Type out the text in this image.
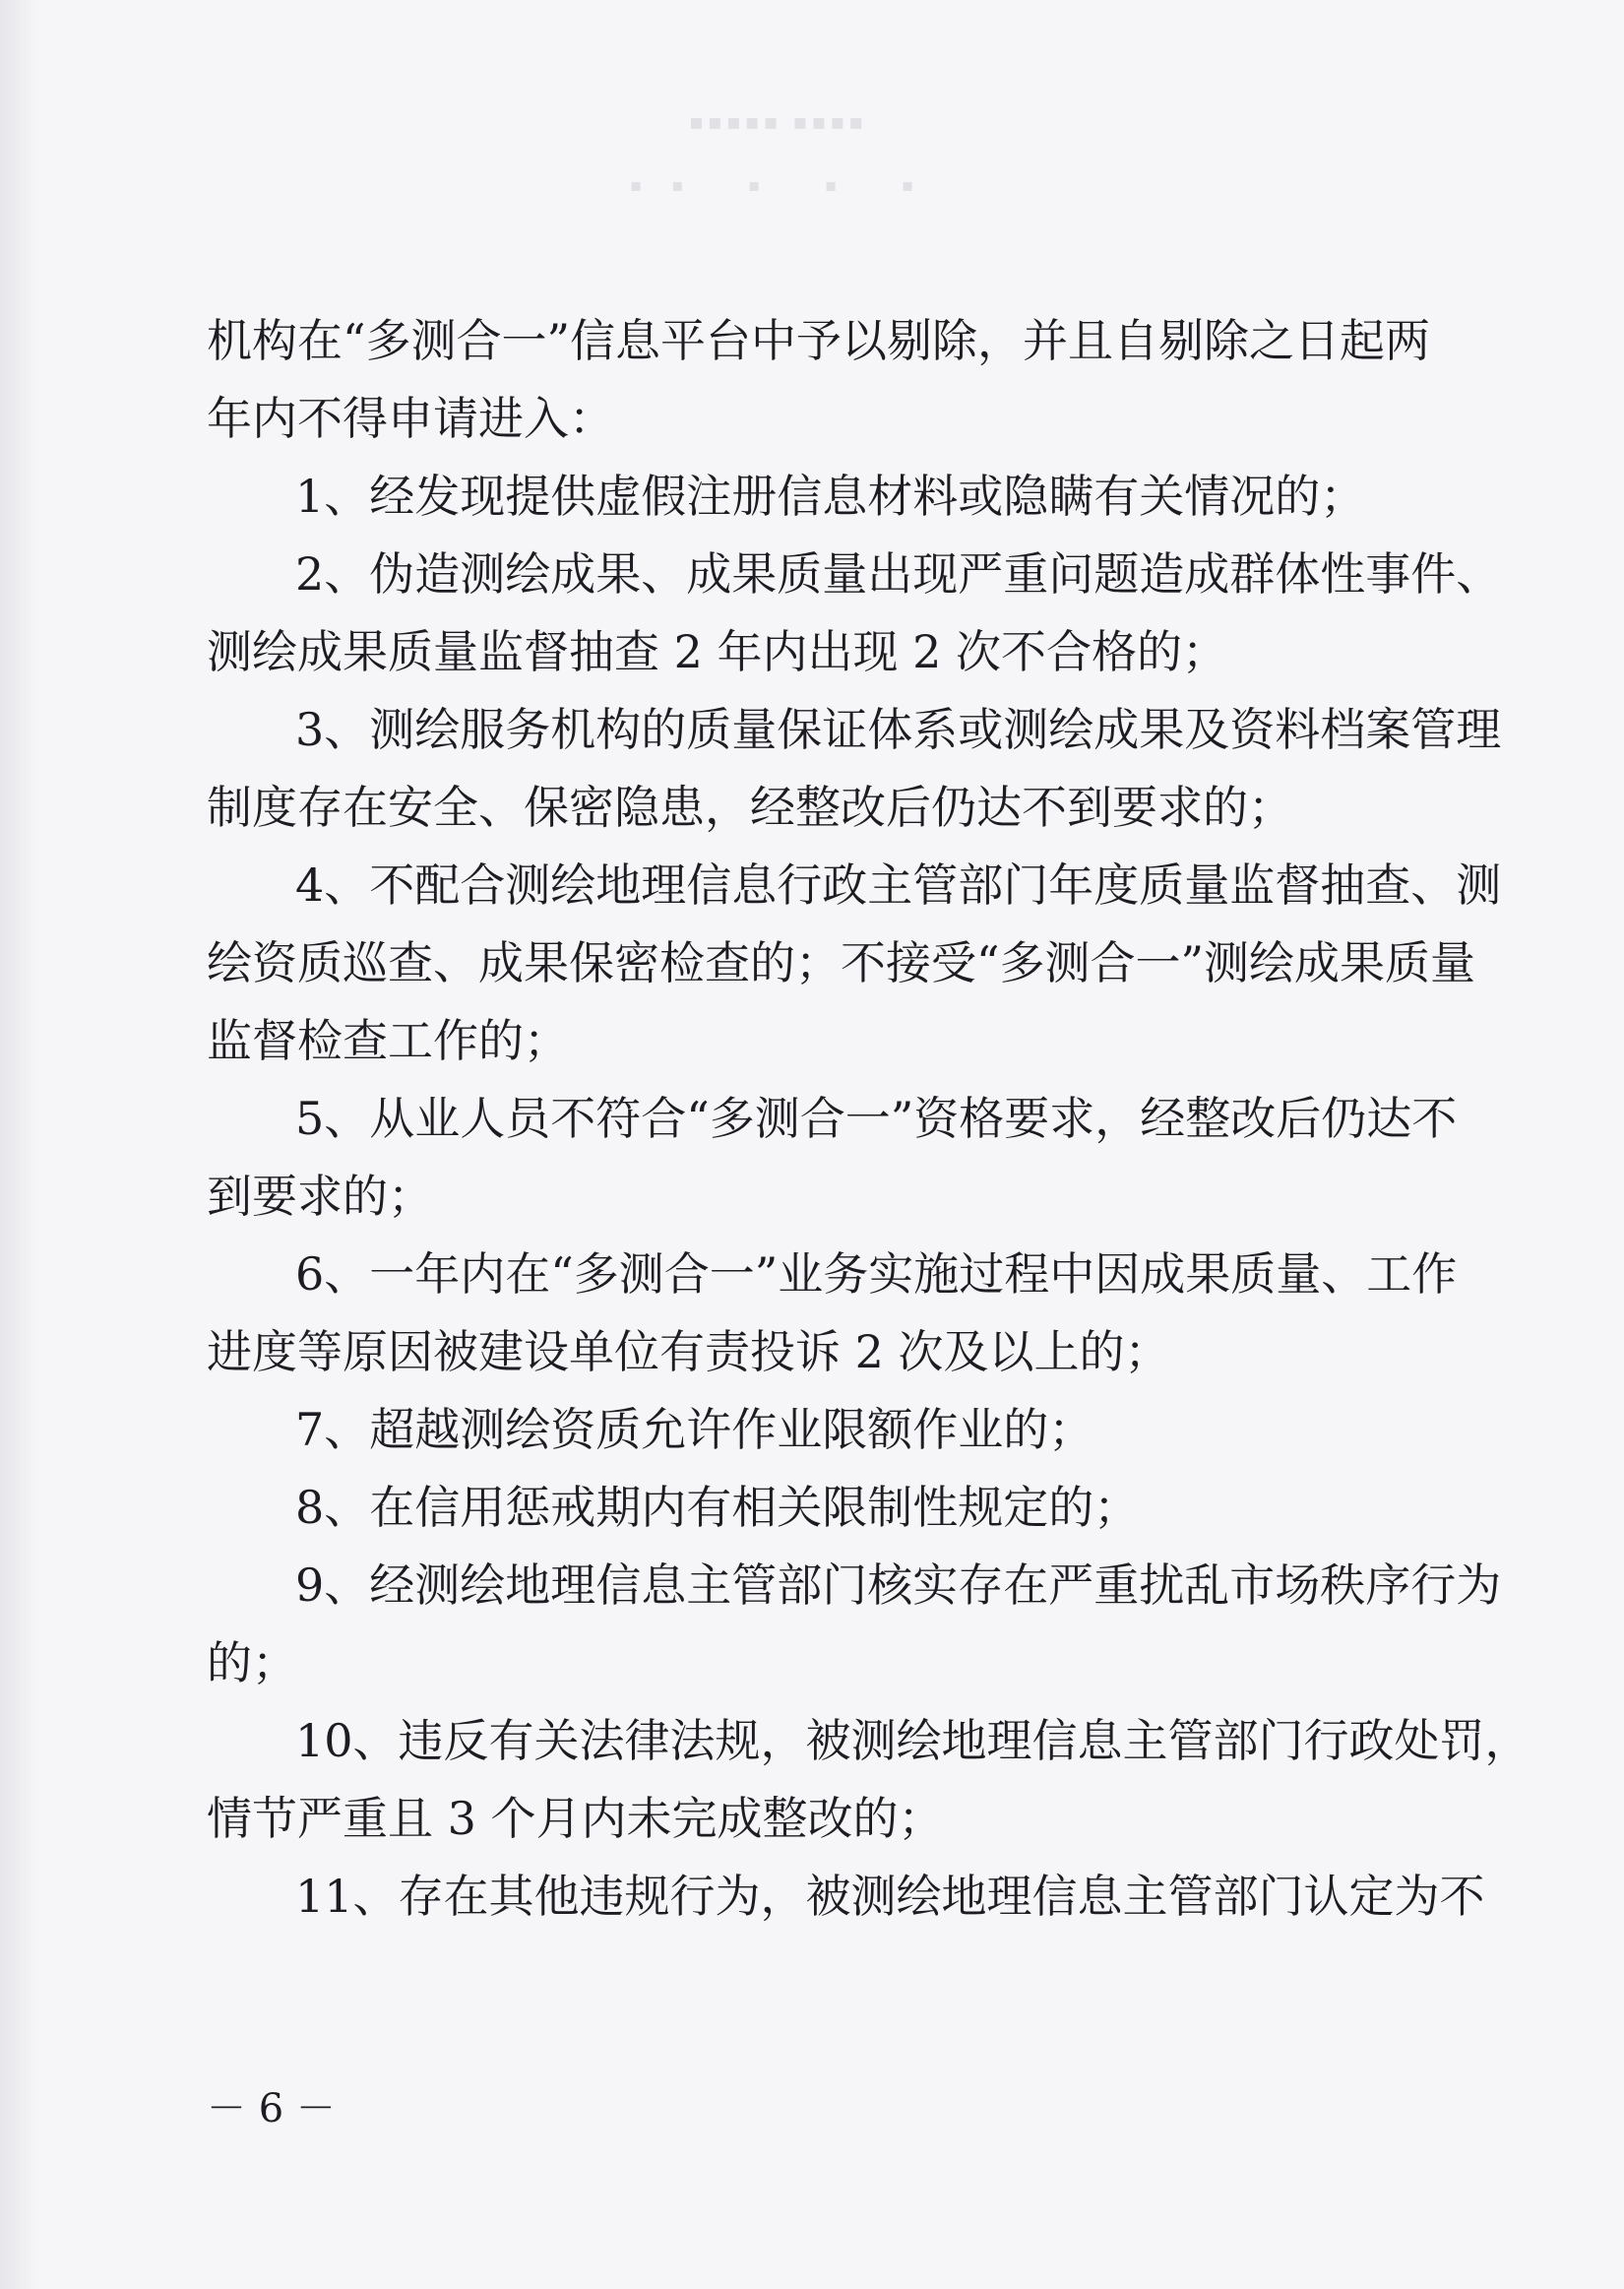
▪▪▪▪▪ ▪▪▪▪
▪▪ ▪ ▪ ▪
机构在“多测合一”信息平台中予以剔除，并且自剔除之日起两
年内不得申请进入：
1、经发现提供虚假注册信息材料或隐瞒有关情况的；
2、伪造测绘成果、成果质量出现严重问题造成群体性事件、
测绘成果质量监督抽查 2 年内出现 2 次不合格的；
3、测绘服务机构的质量保证体系或测绘成果及资料档案管理
制度存在安全、保密隐患，经整改后仍达不到要求的；
4、不配合测绘地理信息行政主管部门年度质量监督抽查、测
绘资质巡查、成果保密检查的；不接受“多测合一”测绘成果质量
监督检查工作的；
5、从业人员不符合“多测合一”资格要求，经整改后仍达不
到要求的；
6、一年内在“多测合一”业务实施过程中因成果质量、工作
进度等原因被建设单位有责投诉 2 次及以上的；
7、超越测绘资质允许作业限额作业的；
8、在信用惩戒期内有相关限制性规定的；
9、经测绘地理信息主管部门核实存在严重扰乱市场秩序行为
的；
10、违反有关法律法规，被测绘地理信息主管部门行政处罚，
情节严重且 3 个月内未完成整改的；
11、存在其他违规行为，被测绘地理信息主管部门认定为不
－ 6 －
